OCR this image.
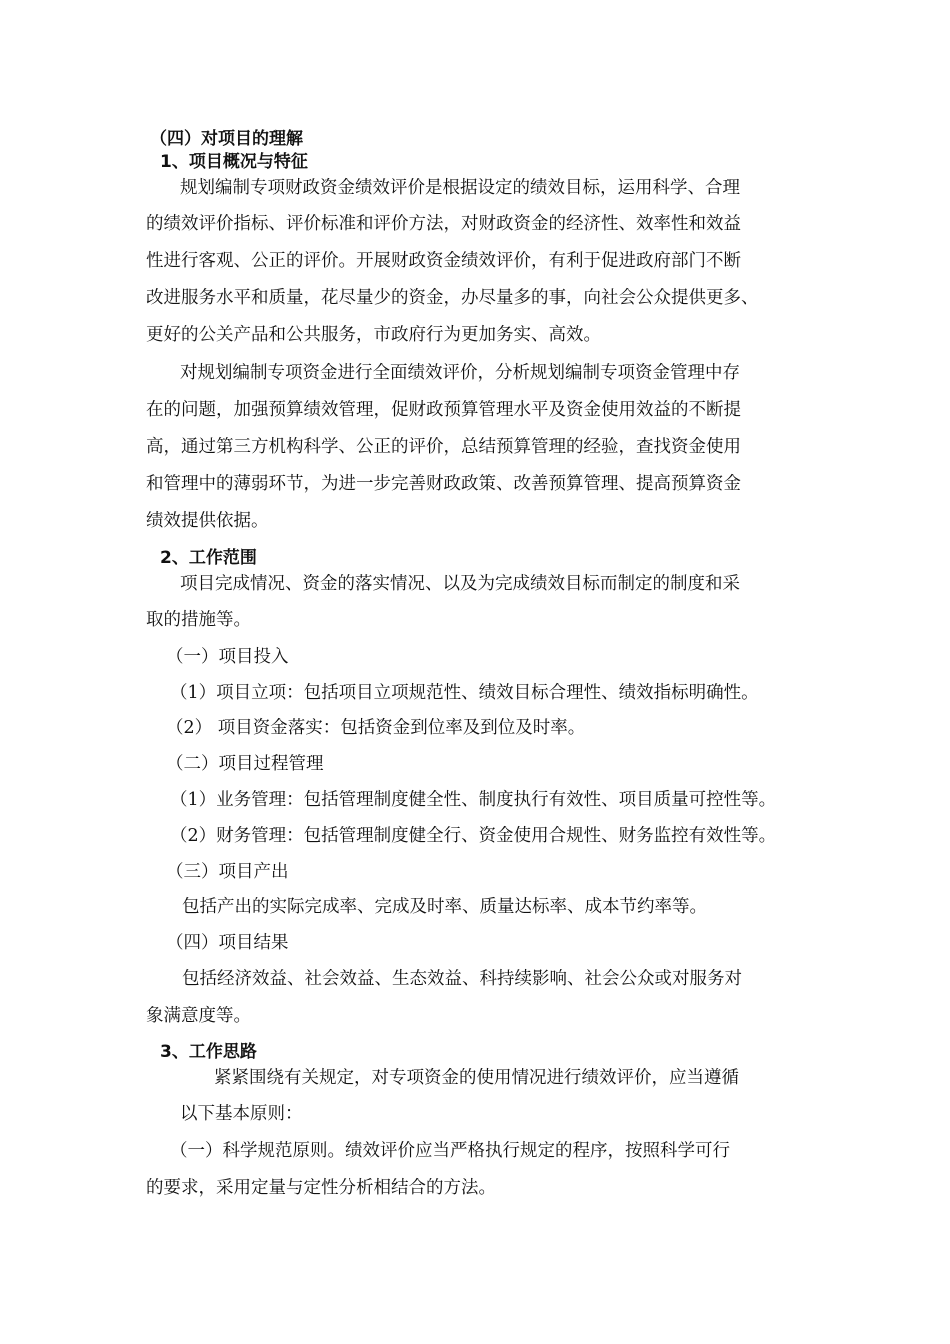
（四）对项目的理解
1、项目概况与特征
规划编制专项财政资金绩效评价是根据设定的绩效目标，运用科学、合理
的绩效评价指标、评价标准和评价方法，对财政资金的经济性、效率性和效益
性进行客观、公正的评价。开展财政资金绩效评价，有利于促进政府部门不断
改进服务水平和质量，花尽量少的资金，办尽量多的事，向社会公众提供更多、
更好的公关产品和公共服务，市政府行为更加务实、高效。
对规划编制专项资金进行全面绩效评价，分析规划编制专项资金管理中存
在的问题，加强预算绩效管理，促财政预算管理水平及资金使用效益的不断提
高，通过第三方机构科学、公正的评价，总结预算管理的经验，查找资金使用
和管理中的薄弱环节，为进一步完善财政政策、改善预算管理、提高预算资金
绩效提供依据。
2、工作范围
项目完成情况、资金的落实情况、以及为完成绩效目标而制定的制度和采
取的措施等。
（一）项目投入
（1）项目立项：包括项目立项规范性、绩效目标合理性、绩效指标明确性。
（2） 项目资金落实：包括资金到位率及到位及时率。
（二）项目过程管理
（1）业务管理：包括管理制度健全性、制度执行有效性、项目质量可控性等。
（2）财务管理：包括管理制度健全行、资金使用合规性、财务监控有效性等。
（三）项目产出
包括产出的实际完成率、完成及时率、质量达标率、成本节约率等。
（四）项目结果
包括经济效益、社会效益、生态效益、科持续影响、社会公众或对服务对
象满意度等。
3、工作思路
紧紧围绕有关规定，对专项资金的使用情况进行绩效评价，应当遵循
以下基本原则：
（一）科学规范原则。绩效评价应当严格执行规定的程序，按照科学可行
的要求，采用定量与定性分析相结合的方法。
